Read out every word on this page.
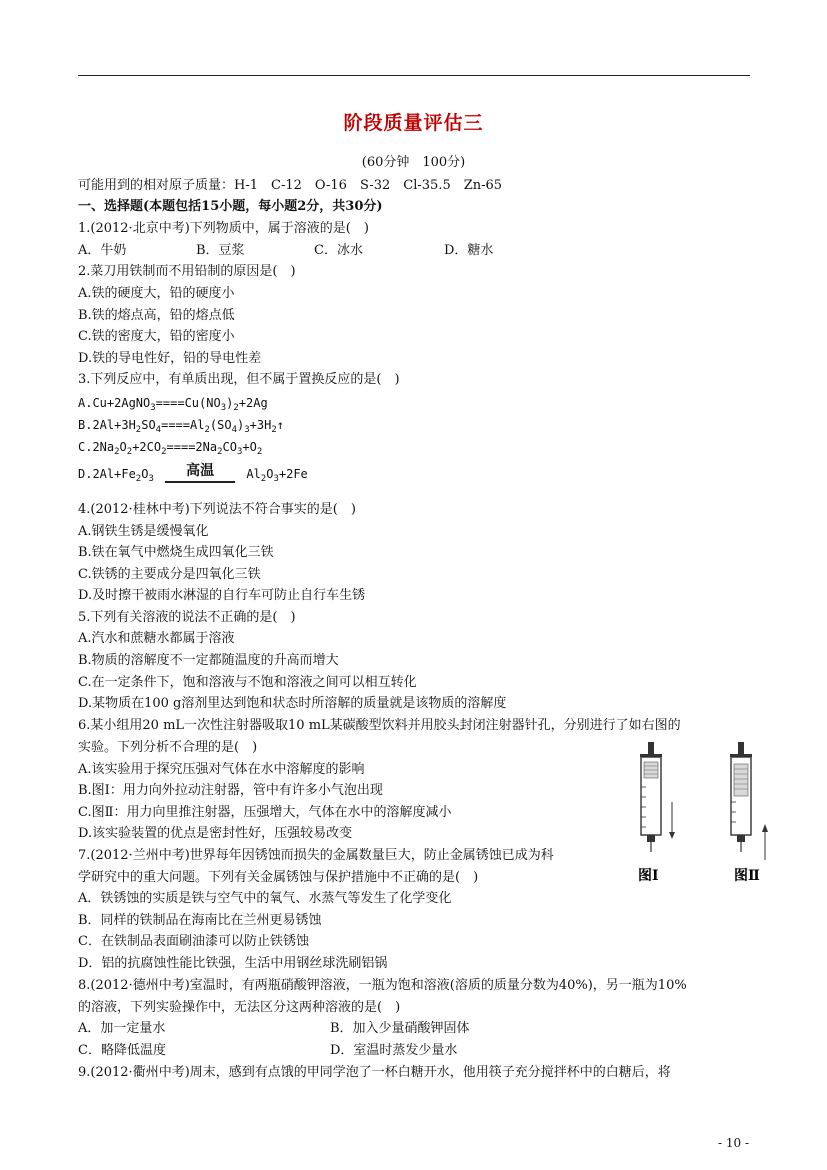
阶段质量评估三
(60分钟　100分)
可能用到的相对原子质量：H-1　C-12　O-16　S-32　Cl-35.5　Zn-65
一、选择题(本题包括15小题，每小题2分，共30分)
1.(2012·北京中考)下列物质中，属于溶液的是(　)
A．牛奶	B．豆浆	C．冰水	D．糖水
2.菜刀用铁制而不用铅制的原因是(　)
A.铁的硬度大，铅的硬度小
B.铁的熔点高，铅的熔点低
C.铁的密度大，铅的密度小
D.铁的导电性好，铅的导电性差
3.下列反应中，有单质出现，但不属于置换反应的是(　)
$A.Cu+2AgNO_3====Cu(NO_3)_2+2Ag$
$B.2Al+3H_2SO_4====Al_2(SO_4)_3+3H_2↑$
$C.2Na_2O_2+2CO_2====2Na_2CO_3+O_2$
$D.2Al+Fe_2O_3$ 高温
$Al_2O_3+2Fe$
4.(2012·桂林中考)下列说法不符合事实的是(　)
A.钢铁生锈是缓慢氧化
B.铁在氧气中燃烧生成四氧化三铁
C.铁锈的主要成分是四氧化三铁
D.及时擦干被雨水淋湿的自行车可防止自行车生锈
5.下列有关溶液的说法不正确的是(　)
A.汽水和蔗糖水都属于溶液
B.物质的溶解度不一定都随温度的升高而增大
C.在一定条件下，饱和溶液与不饱和溶液之间可以相互转化
D.某物质在100 g溶剂里达到饱和状态时所溶解的质量就是该物质的溶解度
6.某小组用20 mL一次性注射器吸取10 mL某碳酸型饮料并用胶头封闭注射器针孔，分别进行了如右图的
实验。下列分析不合理的是(　)
A.该实验用于探究压强对气体在水中溶解度的影响
B.图Ⅰ：用力向外拉动注射器，管中有许多小气泡出现
C.图Ⅱ：用力向里推注射器，压强增大，气体在水中的溶解度减小
D.该实验装置的优点是密封性好，压强较易改变
图Ⅰ	图Ⅱ
7.(2012·兰州中考)世界每年因锈蚀而损失的金属数量巨大，防止金属锈蚀已成为科
学研究中的重大问题。下列有关金属锈蚀与保护措施中不正确的是(　)
A．铁锈蚀的实质是铁与空气中的氧气、水蒸气等发生了化学变化
B．同样的铁制品在海南比在兰州更易锈蚀
C．在铁制品表面刷油漆可以防止铁锈蚀
D．铝的抗腐蚀性能比铁强，生活中用钢丝球洗刷铝锅
8.(2012·德州中考)室温时，有两瓶硝酸钾溶液，一瓶为饱和溶液(溶质的质量分数为40%)，另一瓶为10%
的溶液，下列实验操作中，无法区分这两种溶液的是(　)
A．加一定量水	B．加入少量硝酸钾固体
C．略降低温度	D．室温时蒸发少量水
9.(2012·衢州中考)周末，感到有点饿的甲同学泡了一杯白糖开水，他用筷子充分搅拌杯中的白糖后，将
- 10 -
